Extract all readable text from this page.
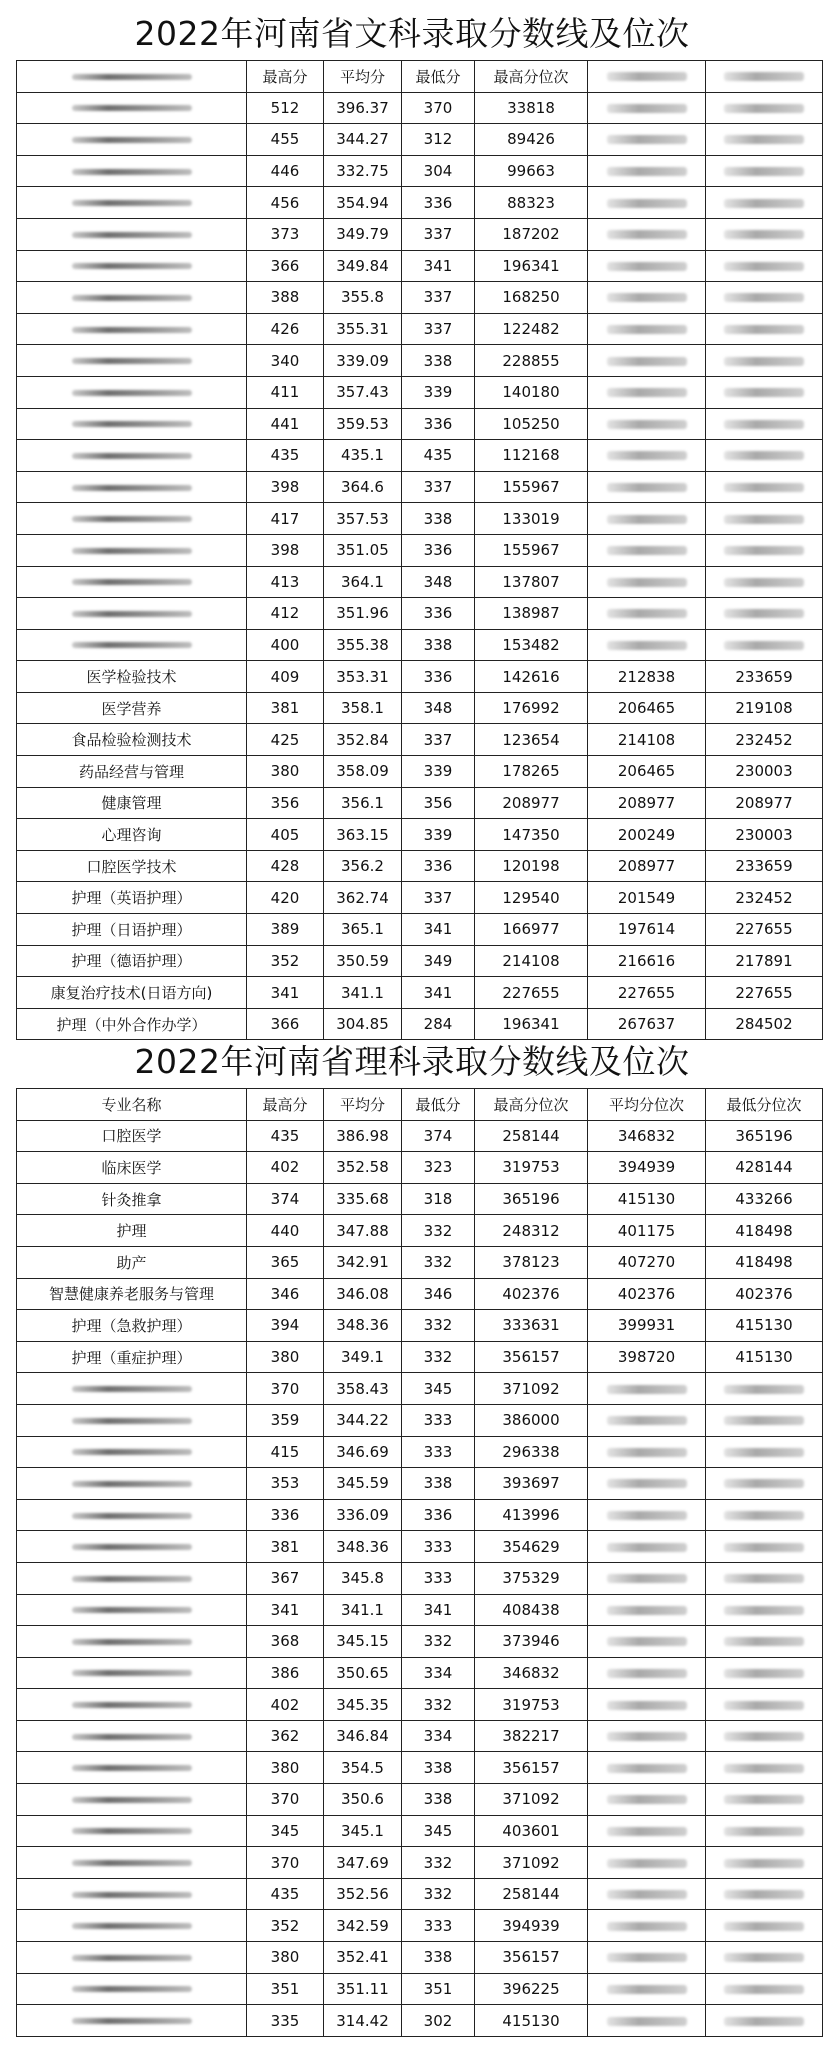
2022年河南省文科录取分数线及位次
	最高分	平均分	最低分	最高分位次		
	512	396.37	370	33818		
	455	344.27	312	89426		
	446	332.75	304	99663		
	456	354.94	336	88323		
	373	349.79	337	187202		
	366	349.84	341	196341		
	388	355.8	337	168250		
	426	355.31	337	122482		
	340	339.09	338	228855		
	411	357.43	339	140180		
	441	359.53	336	105250		
	435	435.1	435	112168		
	398	364.6	337	155967		
	417	357.53	338	133019		
	398	351.05	336	155967		
	413	364.1	348	137807		
	412	351.96	336	138987		
	400	355.38	338	153482		
医学检验技术	409	353.31	336	142616	212838	233659
医学营养	381	358.1	348	176992	206465	219108
食品检验检测技术	425	352.84	337	123654	214108	232452
药品经营与管理	380	358.09	339	178265	206465	230003
健康管理	356	356.1	356	208977	208977	208977
心理咨询	405	363.15	339	147350	200249	230003
口腔医学技术	428	356.2	336	120198	208977	233659
护理（英语护理）	420	362.74	337	129540	201549	232452
护理（日语护理）	389	365.1	341	166977	197614	227655
护理（德语护理）	352	350.59	349	214108	216616	217891
康复治疗技术(日语方向)	341	341.1	341	227655	227655	227655
护理（中外合作办学）	366	304.85	284	196341	267637	284502
2022年河南省理科录取分数线及位次
专业名称	最高分	平均分	最低分	最高分位次	平均分位次	最低分位次
口腔医学	435	386.98	374	258144	346832	365196
临床医学	402	352.58	323	319753	394939	428144
针灸推拿	374	335.68	318	365196	415130	433266
护理	440	347.88	332	248312	401175	418498
助产	365	342.91	332	378123	407270	418498
智慧健康养老服务与管理	346	346.08	346	402376	402376	402376
护理（急救护理）	394	348.36	332	333631	399931	415130
护理（重症护理）	380	349.1	332	356157	398720	415130
	370	358.43	345	371092		
	359	344.22	333	386000		
	415	346.69	333	296338		
	353	345.59	338	393697		
	336	336.09	336	413996		
	381	348.36	333	354629		
	367	345.8	333	375329		
	341	341.1	341	408438		
	368	345.15	332	373946		
	386	350.65	334	346832		
	402	345.35	332	319753		
	362	346.84	334	382217		
	380	354.5	338	356157		
	370	350.6	338	371092		
	345	345.1	345	403601		
	370	347.69	332	371092		
	435	352.56	332	258144		
	352	342.59	333	394939		
	380	352.41	338	356157		
	351	351.11	351	396225		
	335	314.42	302	415130		
